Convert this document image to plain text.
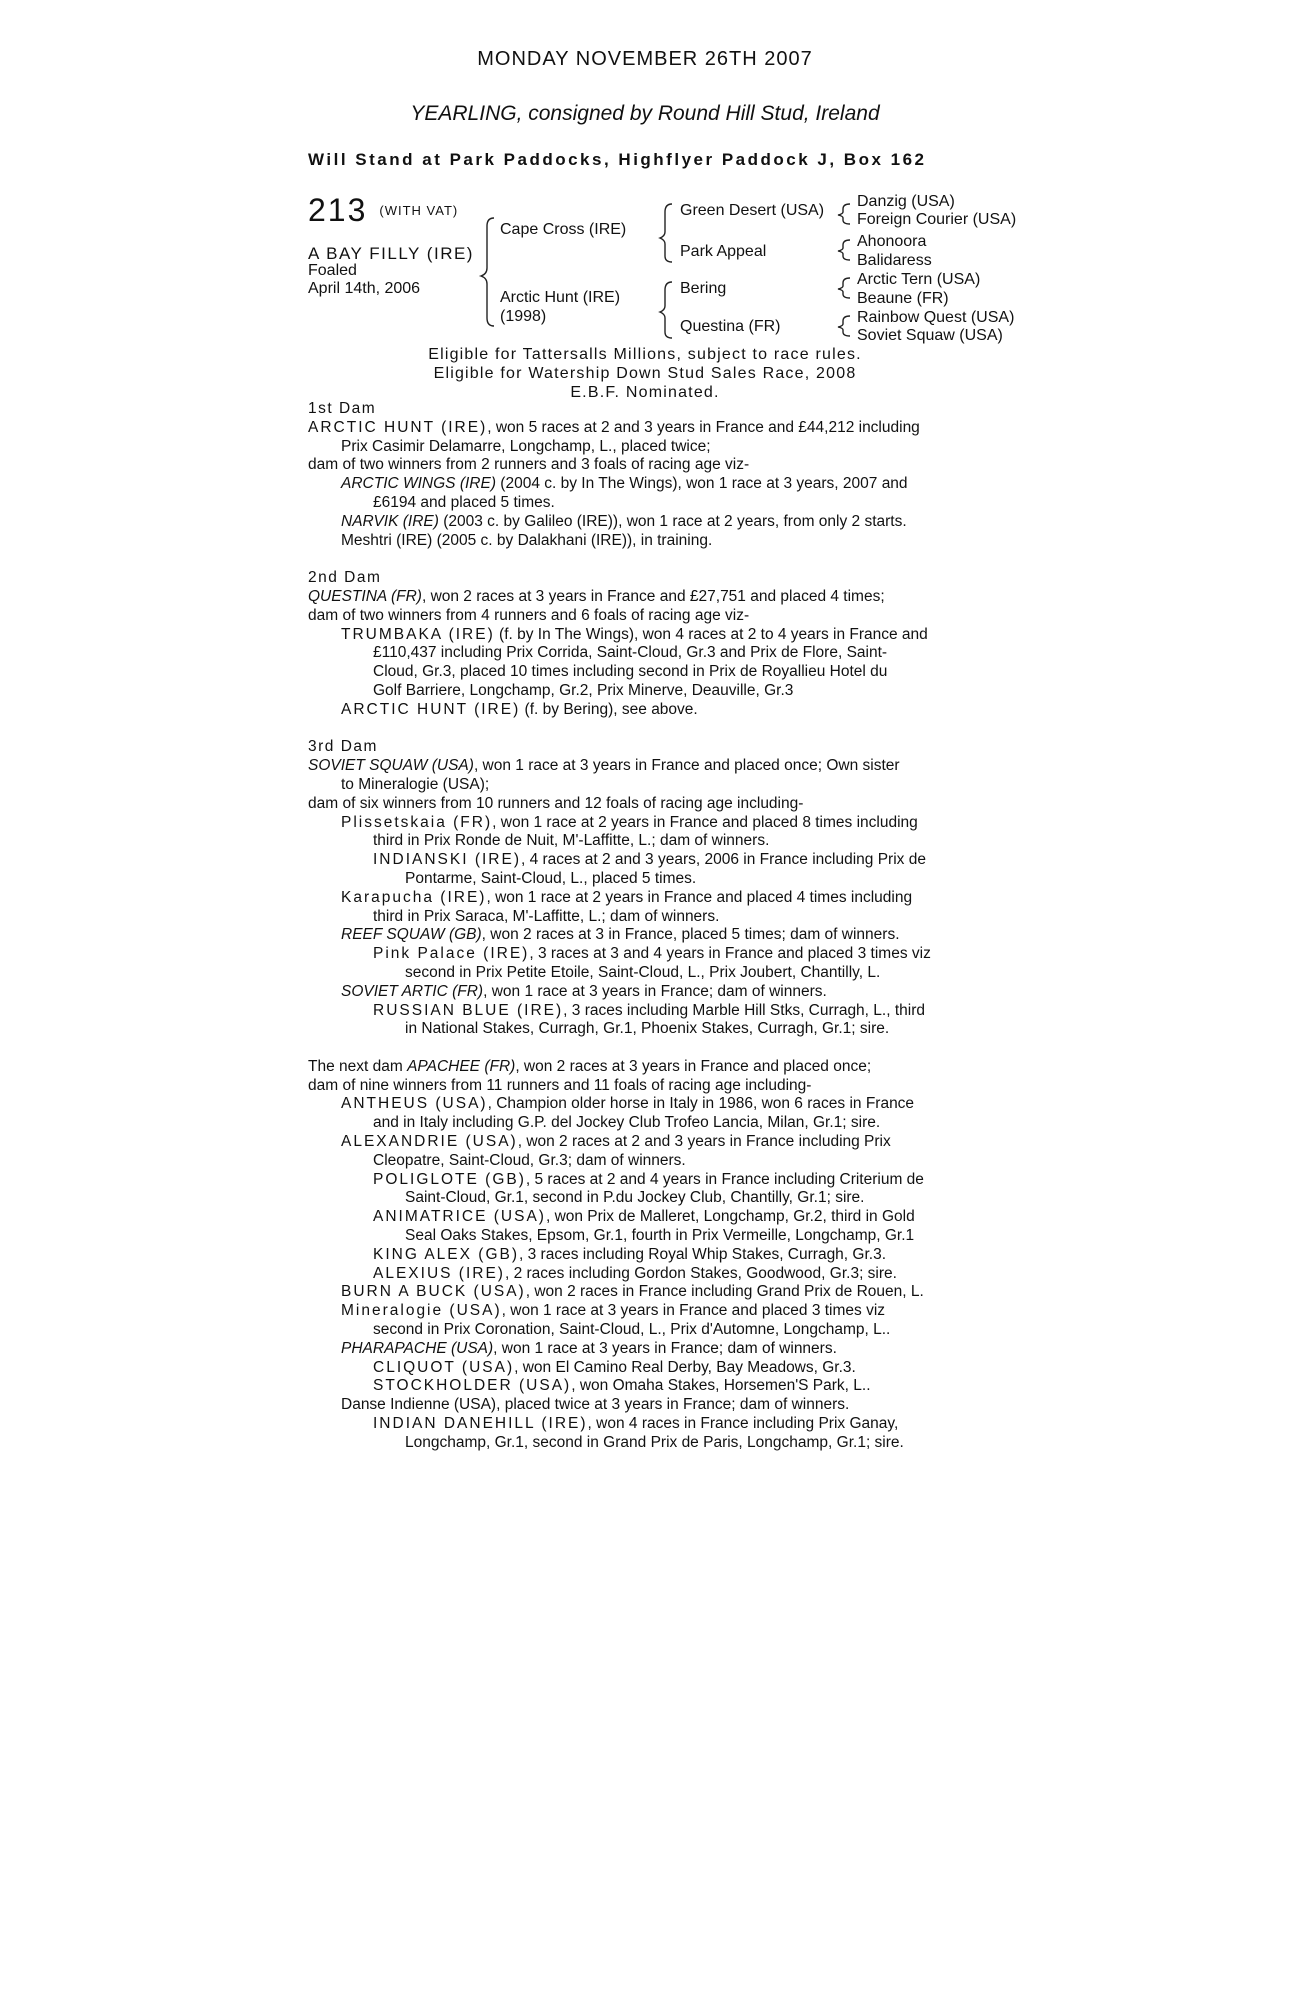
MONDAY NOVEMBER 26TH 2007
YEARLING, consigned by Round Hill Stud, Ireland
Will Stand at Park Paddocks, Highflyer Paddock J, Box 162
213 (WITH VAT)
A BAY FILLY (IRE)
Foaled
April 14th, 2006
Cape Cross (IRE)
Arctic Hunt (IRE)
(1998)
Green Desert (USA)
Park Appeal
Bering
Questina (FR)
Danzig (USA)
Foreign Courier (USA)
Ahonoora
Balidaress
Arctic Tern (USA)
Beaune (FR)
Rainbow Quest (USA)
Soviet Squaw (USA)
Eligible for Tattersalls Millions, subject to race rules.
Eligible for Watership Down Stud Sales Race, 2008
E.B.F. Nominated.

1st Dam

ARCTIC HUNT (IRE), won 5 races at 2 and 3 years in France and £44,212 including

Prix Casimir Delamarre, Longchamp, L., placed twice;

dam of two winners from 2 runners and 3 foals of racing age viz-

ARCTIC WINGS (IRE) (2004 c. by In The Wings), won 1 race at 3 years, 2007 and

£6194 and placed 5 times.

NARVIK (IRE) (2003 c. by Galileo (IRE)), won 1 race at 2 years, from only 2 starts.

Meshtri (IRE) (2005 c. by Dalakhani (IRE)), in training.

2nd Dam

QUESTINA (FR), won 2 races at 3 years in France and £27,751 and placed 4 times;

dam of two winners from 4 runners and 6 foals of racing age viz-

TRUMBAKA (IRE) (f. by In The Wings), won 4 races at 2 to 4 years in France and

£110,437 including Prix Corrida, Saint-Cloud, Gr.3 and Prix de Flore, Saint-

Cloud, Gr.3, placed 10 times including second in Prix de Royallieu Hotel du

Golf Barriere, Longchamp, Gr.2, Prix Minerve, Deauville, Gr.3

ARCTIC HUNT (IRE) (f. by Bering), see above.

3rd Dam

SOVIET SQUAW (USA), won 1 race at 3 years in France and placed once; Own sister

to Mineralogie (USA);

dam of six winners from 10 runners and 12 foals of racing age including-

Plissetskaia (FR), won 1 race at 2 years in France and placed 8 times including

third in Prix Ronde de Nuit, M'-Laffitte, L.; dam of winners.

INDIANSKI (IRE), 4 races at 2 and 3 years, 2006 in France including Prix de

Pontarme, Saint-Cloud, L., placed 5 times.

Karapucha (IRE), won 1 race at 2 years in France and placed 4 times including

third in Prix Saraca, M'-Laffitte, L.; dam of winners.

REEF SQUAW (GB), won 2 races at 3 in France, placed 5 times; dam of winners.

Pink Palace (IRE), 3 races at 3 and 4 years in France and placed 3 times viz

second in Prix Petite Etoile, Saint-Cloud, L., Prix Joubert, Chantilly, L.

SOVIET ARTIC (FR), won 1 race at 3 years in France; dam of winners.

RUSSIAN BLUE (IRE), 3 races including Marble Hill Stks, Curragh, L., third

in National Stakes, Curragh, Gr.1, Phoenix Stakes, Curragh, Gr.1; sire.

The next dam APACHEE (FR), won 2 races at 3 years in France and placed once;

dam of nine winners from 11 runners and 11 foals of racing age including-

ANTHEUS (USA), Champion older horse in Italy in 1986, won 6 races in France

and in Italy including G.P. del Jockey Club Trofeo Lancia, Milan, Gr.1; sire.

ALEXANDRIE (USA), won 2 races at 2 and 3 years in France including Prix

Cleopatre, Saint-Cloud, Gr.3; dam of winners.

POLIGLOTE (GB), 5 races at 2 and 4 years in France including Criterium de

Saint-Cloud, Gr.1, second in P.du Jockey Club, Chantilly, Gr.1; sire.

ANIMATRICE (USA), won Prix de Malleret, Longchamp, Gr.2, third in Gold

Seal Oaks Stakes, Epsom, Gr.1, fourth in Prix Vermeille, Longchamp, Gr.1

KING ALEX (GB), 3 races including Royal Whip Stakes, Curragh, Gr.3.

ALEXIUS (IRE), 2 races including Gordon Stakes, Goodwood, Gr.3; sire.

BURN A BUCK (USA), won 2 races in France including Grand Prix de Rouen, L.

Mineralogie (USA), won 1 race at 3 years in France and placed 3 times viz

second in Prix Coronation, Saint-Cloud, L., Prix d'Automne, Longchamp, L..

PHARAPACHE (USA), won 1 race at 3 years in France; dam of winners.

CLIQUOT (USA), won El Camino Real Derby, Bay Meadows, Gr.3.

STOCKHOLDER (USA), won Omaha Stakes, Horsemen'S Park, L..

Danse Indienne (USA), placed twice at 3 years in France; dam of winners.

INDIAN DANEHILL (IRE), won 4 races in France including Prix Ganay,

Longchamp, Gr.1, second in Grand Prix de Paris, Longchamp, Gr.1; sire.
